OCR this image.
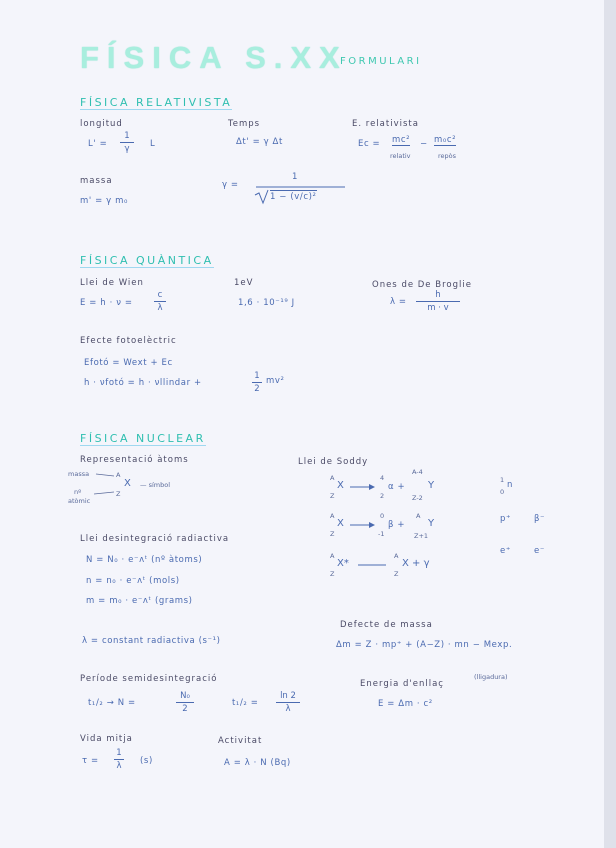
FÍSICA S.XX
FORMULARI
FÍSICA RELATIVISTA
longitud
L' =
1
γ L
Temps
Δt' = γ Δt
E. relativista
Ec = mc² − m₀c²
relativ	repòs
massa
m' = γ m₀
γ =
1
1 − (v/c)²
FÍSICA QUÀNTICA
Llei de Wien
E = h · ν =
c
λ
1eV
1,6 · 10⁻¹⁹ J
Ones de De Broglie
λ =
h
m · v
Efecte fotoelèctric
Efotó = Wext + Ec
h · νfotó = h · νllindar +
1
2
mv²
FÍSICA NUCLEAR
Representació àtoms
massa
nº
atòmic
A
Z
X — símbol
Llei de Soddy
A
Z
X
4
2
α +
A-4
Z-2
Y
A
Z
X
0
-1
β +
A
Z+1
Y
A
Z
X*
A
Z
X + γ
1
0
n
p⁺	β⁻
e⁺	e⁻
Llei desintegració radiactiva
N = N₀ · e⁻ᴧᵗ (nº àtoms)
n = n₀ · e⁻ᴧᵗ (mols)
m = m₀ · e⁻ᴧᵗ (grams)
λ = constant radiactiva (s⁻¹)
Defecte de massa
Δm = Z · mp⁺ + (A−Z) · mn − Mexp.
Període semidesintegració
t₁/₂ → N =
N₀
2
t₁/₂ =
ln 2
λ
Energia d'enllaç
(lligadura)
E = Δm · c²
Vida mitja
τ =
1
λ (s)
Activitat
A = λ · N (Bq)
